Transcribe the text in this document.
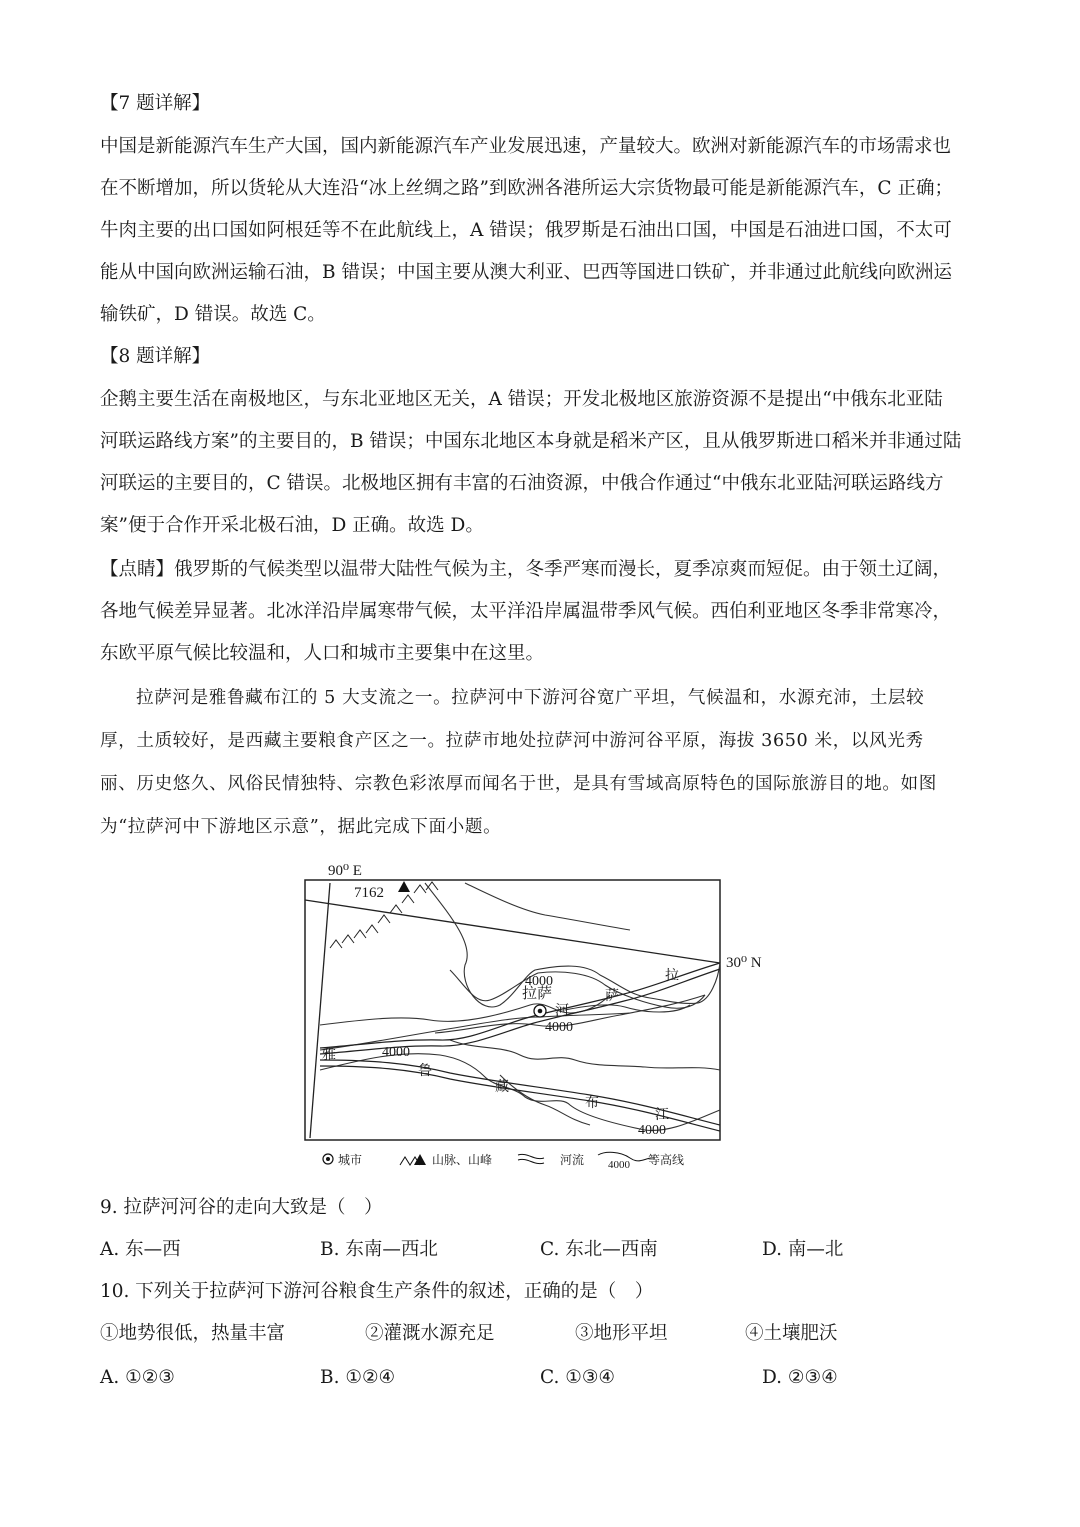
【7 题详解】
中国是新能源汽车生产大国，国内新能源汽车产业发展迅速，产量较大。欧洲对新能源汽车的市场需求也
在不断增加，所以货轮从大连沿“冰上丝绸之路”到欧洲各港所运大宗货物最可能是新能源汽车，C 正确；
牛肉主要的出口国如阿根廷等不在此航线上，A 错误；俄罗斯是石油出口国，中国是石油进口国，不太可
能从中国向欧洲运输石油，B 错误；中国主要从澳大利亚、巴西等国进口铁矿，并非通过此航线向欧洲运
输铁矿，D 错误。故选 C。
【8 题详解】
企鹅主要生活在南极地区，与东北亚地区无关，A 错误；开发北极地区旅游资源不是提出“中俄东北亚陆
河联运路线方案”的主要目的，B 错误；中国东北地区本身就是稻米产区，且从俄罗斯进口稻米并非通过陆
河联运的主要目的，C 错误。北极地区拥有丰富的石油资源，中俄合作通过“中俄东北亚陆河联运路线方
案”便于合作开采北极石油，D 正确。故选 D。
【点睛】俄罗斯的气候类型以温带大陆性气候为主，冬季严寒而漫长，夏季凉爽而短促。由于领土辽阔，
各地气候差异显著。北冰洋沿岸属寒带气候，太平洋沿岸属温带季风气候。西伯利亚地区冬季非常寒冷，
东欧平原气候比较温和，人口和城市主要集中在这里。
拉萨河是雅鲁藏布江的 5 大支流之一。拉萨河中下游河谷宽广平坦，气候温和，水源充沛，土层较
厚，土质较好，是西藏主要粮食产区之一。拉萨市地处拉萨河中游河谷平原，海拔 3650 米，以风光秀
丽、历史悠久、风俗民情独特、宗教色彩浓厚而闻名于世，是具有雪域高原特色的国际旅游目的地。如图
为“拉萨河中下游地区示意”，据此完成下面小题。
90⁰ E
7162
30⁰ N
拉萨
拉
萨
河
雅
鲁
藏
布
江
4000
4000
4000
4000
城市	山脉、山峰	河流 4000 等高线
9. 拉萨河河谷的走向大致是（　）
A. 东—西	B. 东南—西北	C. 东北—西南	D. 南—北
10. 下列关于拉萨河下游河谷粮食生产条件的叙述，正确的是（　）
①地势很低，热量丰富	②灌溉水源充足	③地形平坦	④土壤肥沃
A. ①②③	B. ①②④	C. ①③④	D. ②③④
